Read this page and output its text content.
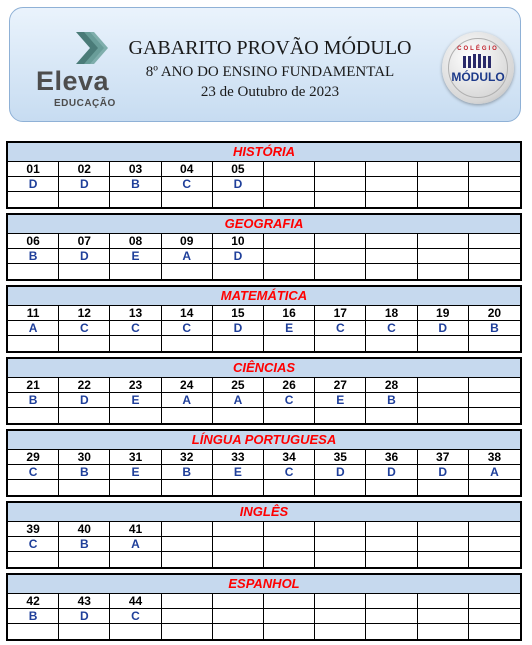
Eleva
EDUCAÇÃO
GABARITO PROVÃO MÓDULO
8º ANO DO ENSINO FUNDAMENTAL
23 de Outubro de 2023
COLÉGIO
MÓDULO
HISTÓRIA
01	02	03	04	05
D	D	B	C	D
GEOGRAFIA
06	07	08	09	10
B	D	E	A	D
MATEMÁTICA
11	12	13	14	15	16	17	18	19	20
A	C	C	C	D	E	C	C	D	B
CIÊNCIAS
21	22	23	24	25	26	27	28
B	D	E	A	A	C	E	B
LÍNGUA PORTUGUESA
29	30	31	32	33	34	35	36	37	38
C	B	E	B	E	C	D	D	D	A
INGLÊS
39	40	41
C	B	A
ESPANHOL
42	43	44
B	D	C
